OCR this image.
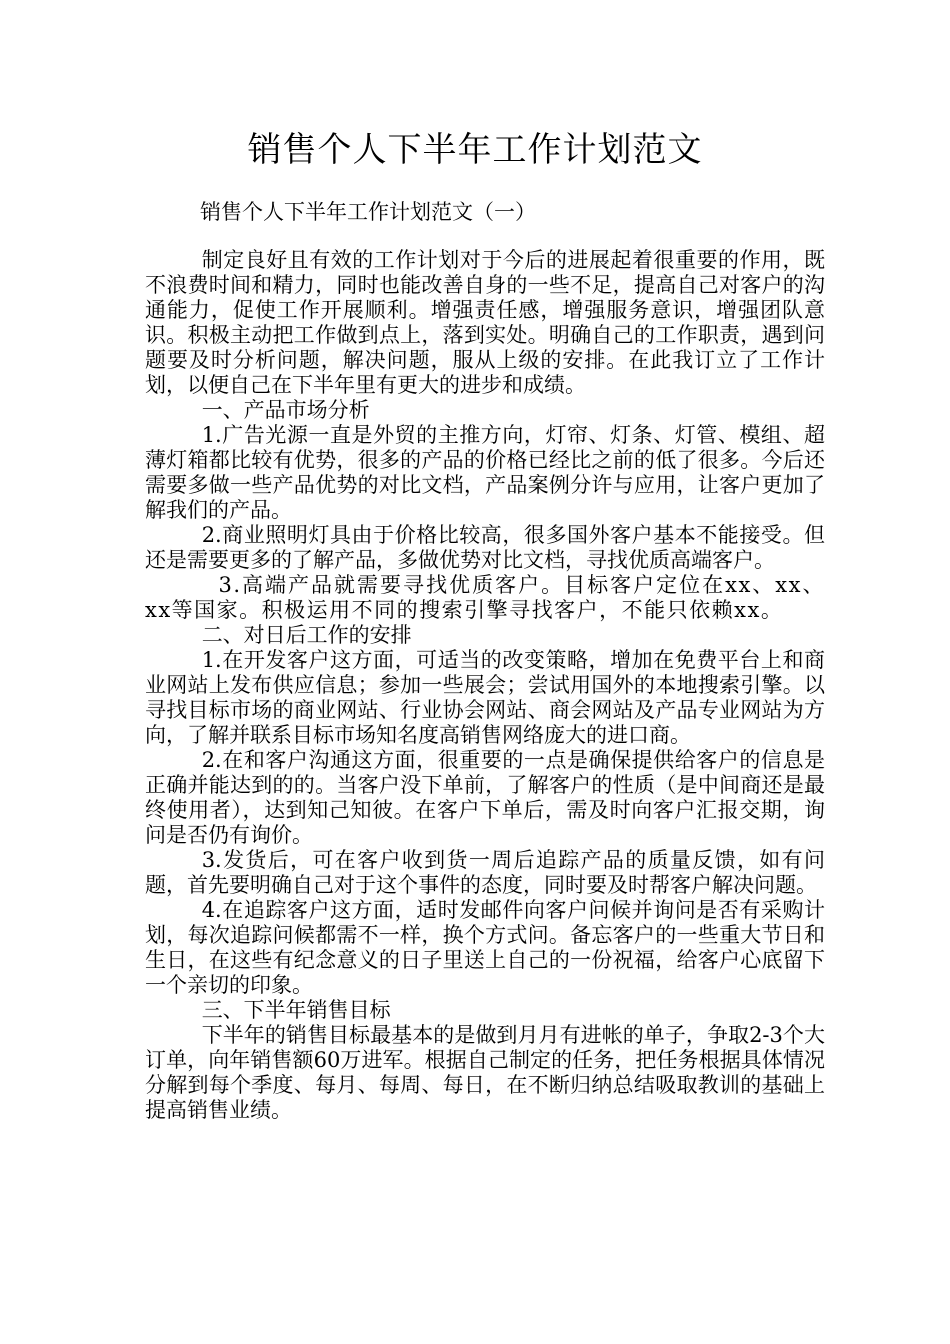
销售个人下半年工作计划范文
销售个人下半年工作计划范文（一）

制定良好且有效的工作计划对于今后的进展起着很重要的作用，既不浪费时间和精力，同时也能改善自身的一些不足，提高自己对客户的沟通能力，促使工作开展顺利。增强责任感，增强服务意识，增强团队意识。积极主动把工作做到点上，落到实处。明确自己的工作职责，遇到问题要及时分析问题，解决问题，服从上级的安排。在此我订立了工作计划，以便自己在下半年里有更大的进步和成绩。

一、产品市场分析

1.广告光源一直是外贸的主推方向，灯帘、灯条、灯管、模组、超薄灯箱都比较有优势，很多的产品的价格已经比之前的低了很多。今后还需要多做一些产品优势的对比文档，产品案例分许与应用，让客户更加了解我们的产品。

2.商业照明灯具由于价格比较高，很多国外客户基本不能接受。但还是需要更多的了解产品，多做优势对比文档，寻找优质高端客户。

3.高端产品就需要寻找优质客户。目标客户定位在xx、xx、xx等国家。积极运用不同的搜索引擎寻找客户，不能只依赖xx。

二、对日后工作的安排

1.在开发客户这方面，可适当的改变策略，增加在免费平台上和商业网站上发布供应信息；参加一些展会；尝试用国外的本地搜索引擎。以寻找目标市场的商业网站、行业协会网站、商会网站及产品专业网站为方向，了解并联系目标市场知名度高销售网络庞大的进口商。

2.在和客户沟通这方面，很重要的一点是确保提供给客户的信息是正确并能达到的的。当客户没下单前，了解客户的性质（是中间商还是最终使用者），达到知己知彼。在客户下单后，需及时向客户汇报交期，询问是否仍有询价。

3.发货后，可在客户收到货一周后追踪产品的质量反馈，如有问题，首先要明确自己对于这个事件的态度，同时要及时帮客户解决问题。

4.在追踪客户这方面，适时发邮件向客户问候并询问是否有采购计划，每次追踪问候都需不一样，换个方式问。备忘客户的一些重大节日和生日，在这些有纪念意义的日子里送上自己的一份祝福，给客户心底留下一个亲切的印象。

三、下半年销售目标

下半年的销售目标最基本的是做到月月有进帐的单子，争取2-3个大订单，向年销售额60万进军。根据自己制定的任务，把任务根据具体情况分解到每个季度、每月、每周、每日，在不断归纳总结吸取教训的基础上提高销售业绩。
